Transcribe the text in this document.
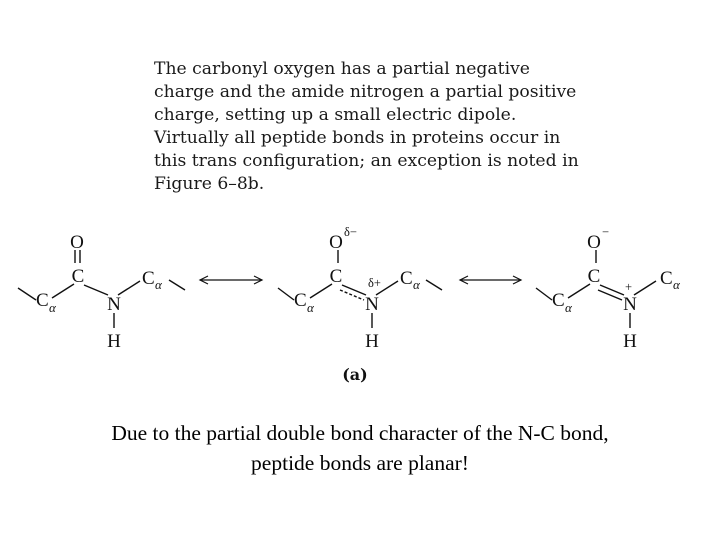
The carbonyl oxygen has a partial negative
charge and the amide nitrogen a partial positive
charge, setting up a small electric dipole.
Virtually all peptide bonds in proteins occur in
this trans configuration; an exception is noted in
Figure 6–8b.
O
C	C α
C α	N
H
O δ−
C	C α
δ+
C α	N
H
O −
C	C α
C α	N
+
H
(a)
Due to the partial double bond character of the N-C bond,
peptide bonds are planar!
